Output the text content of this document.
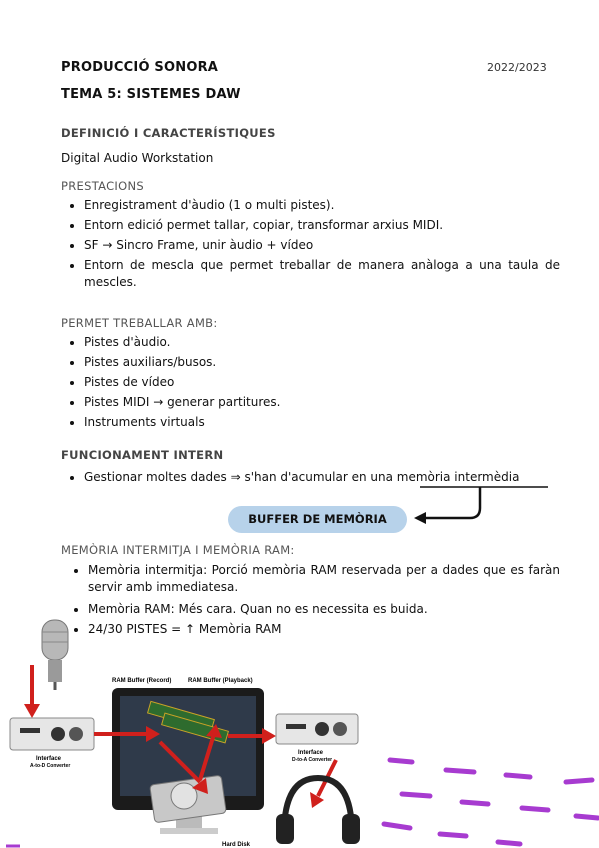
PRODUCCIÓ SONORA	2022/2023
TEMA 5: SISTEMES DAW
DEFINICIÓ I CARACTERÍSTIQUES
Digital Audio Workstation
PRESTACIONS
• Enregistrament d'àudio (1 o multi pistes).
• Entorn edició permet tallar, copiar, transformar arxius MIDI.
• SF → Sincro Frame, unir àudio + vídeo
• Entorn de mescla que permet treballar de manera anàloga a una taula de mescles.
PERMET TREBALLAR AMB:
• Pistes d'àudio.
• Pistes auxiliars/busos.
• Pistes de vídeo
• Pistes MIDI → generar partitures.
• Instruments virtuals
FUNCIONAMENT INTERN
• Gestionar moltes dades ⇒ s'han d'acumular en una memòria intermèdia
BUFFER DE MEMÒRIA
MEMÒRIA INTERMITJA I MEMÒRIA RAM:
• Memòria intermitja: Porció memòria RAM reservada per a dades que es faràn servir amb immediatesa.
• Memòria RAM: Més cara. Quan no es necessita es buida.
• 24/30 PISTES = ↑ Memòria RAM
Interface
A-to-D Converter
RAM Buffer (Record)	RAM Buffer (Playback)
Hard Disk
Interface
D-to-A Converter
